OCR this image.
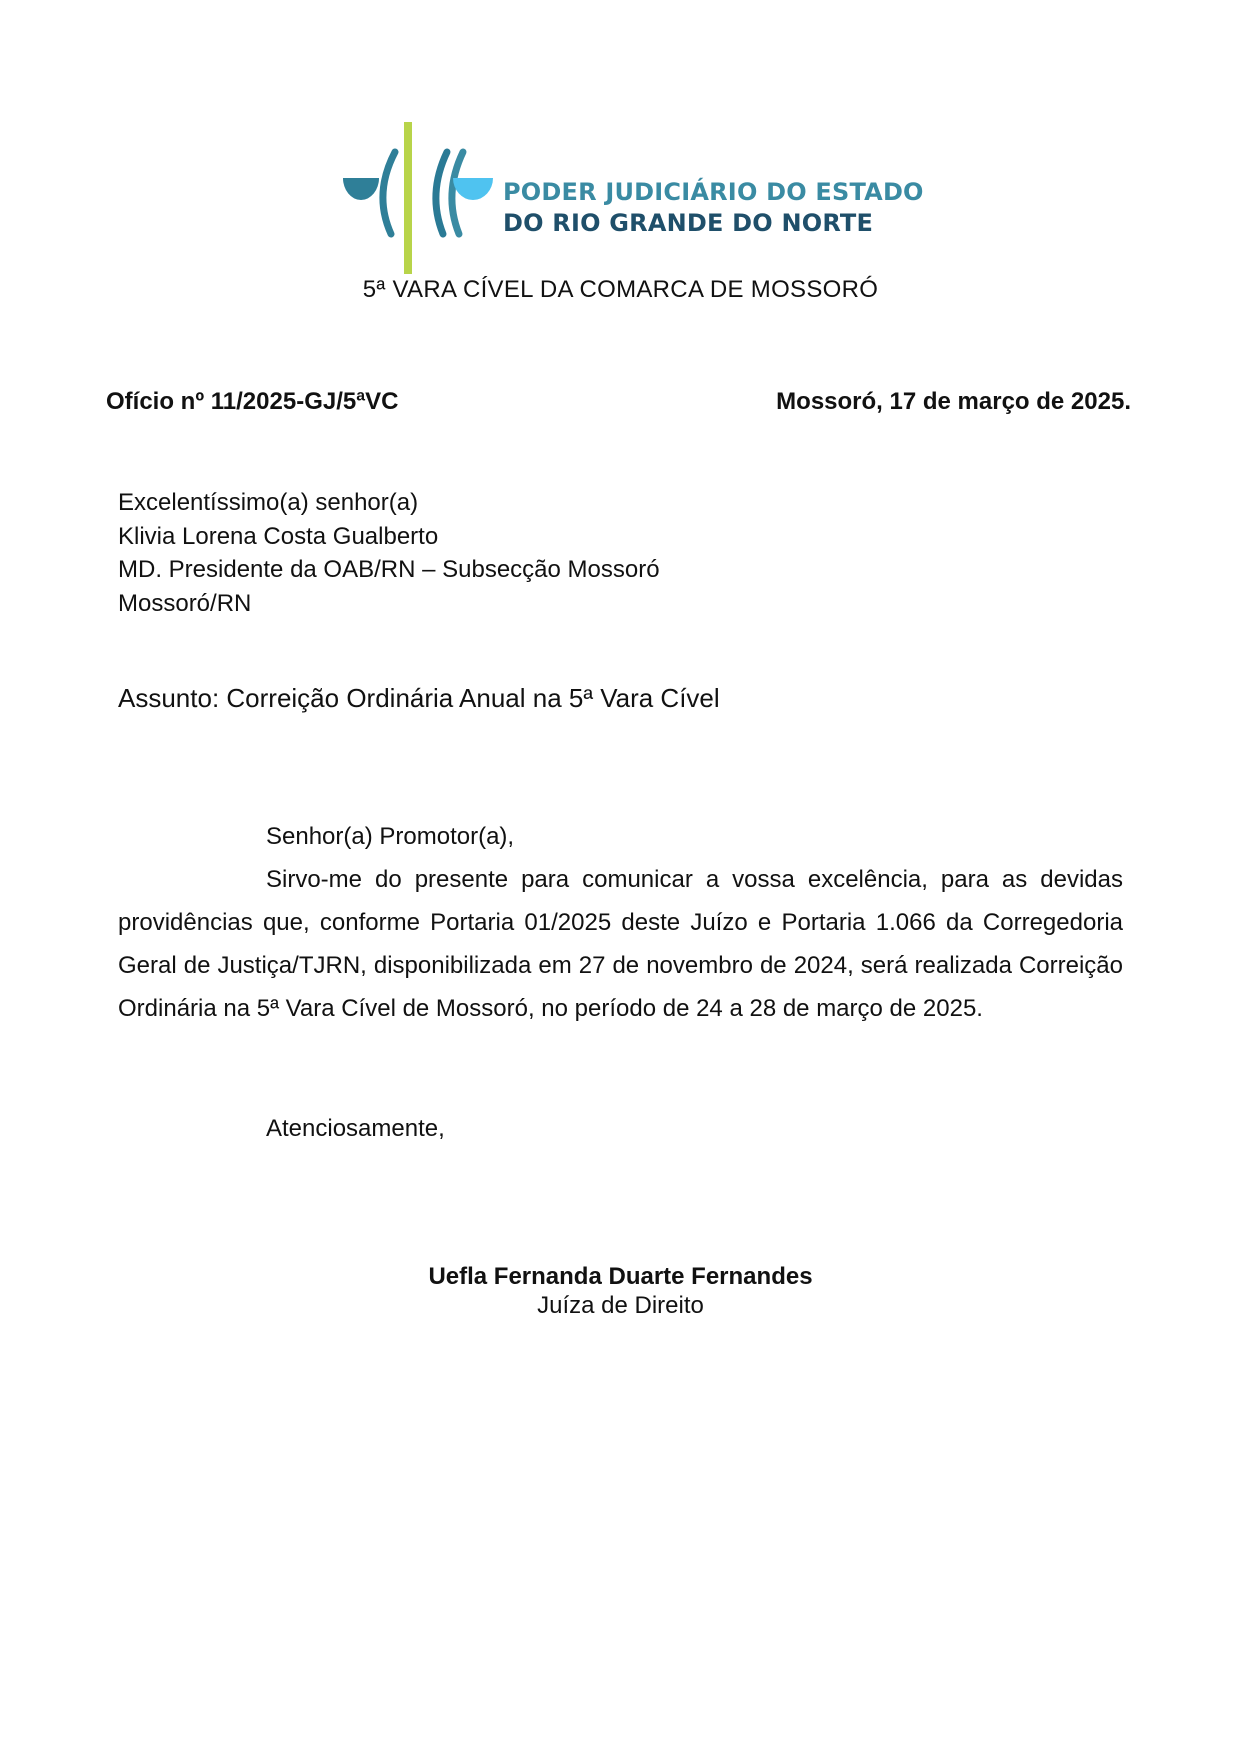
PODER JUDICIÁRIO DO ESTADO
DO RIO GRANDE DO NORTE
5ª VARA CÍVEL DA COMARCA DE MOSSORÓ
Ofício nº 11/2025-GJ/5ªVC	Mossoró, 17 de março de 2025.
Excelentíssimo(a) senhor(a)
Klivia Lorena Costa Gualberto
MD. Presidente da OAB/RN – Subsecção Mossoró
Mossoró/RN
Assunto: Correição Ordinária Anual na 5ª Vara Cível

Senhor(a) Promotor(a),

Sirvo-me do presente para comunicar a vossa excelência, para as devidas providências que, conforme Portaria 01/2025 deste Juízo e Portaria 1.066 da Corregedoria Geral de Justiça/TJRN, disponibilizada em 27 de novembro de 2024, será realizada Correição Ordinária na 5ª Vara Cível de Mossoró, no período de 24 a 28 de março de 2025.

Atenciosamente,
Uefla Fernanda Duarte Fernandes
Juíza de Direito
